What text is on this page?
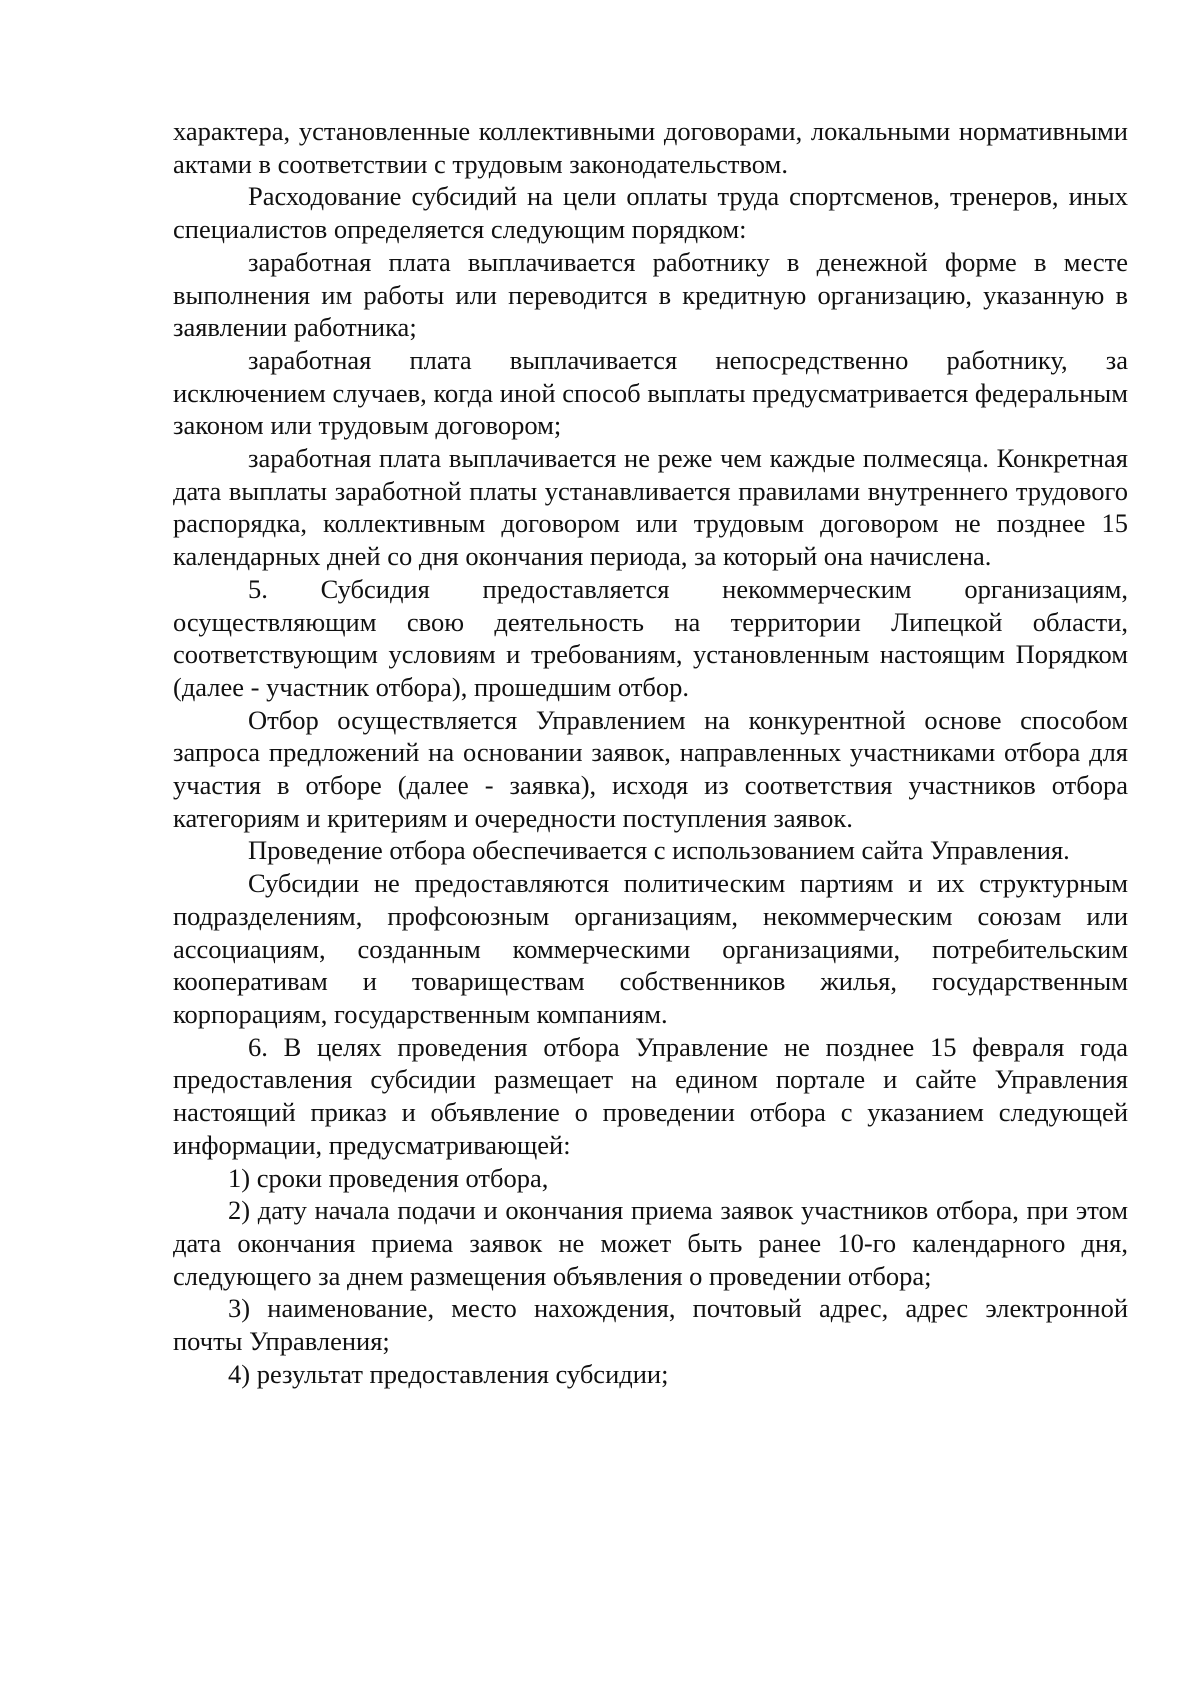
характера, установленные коллективными договорами, локальными нормативными актами в соответствии с трудовым законодательством.

Расходование субсидий на цели оплаты труда спортсменов, тренеров, иных специалистов определяется следующим порядком:

заработная плата выплачивается работнику в денежной форме в месте выполнения им работы или переводится в кредитную организацию, указанную в заявлении работника;

заработная плата выплачивается непосредственно работнику, за исключением случаев, когда иной способ выплаты предусматривается федеральным законом или трудовым договором;

заработная плата выплачивается не реже чем каждые полмесяца. Конкретная дата выплаты заработной платы устанавливается правилами внутреннего трудового распорядка, коллективным договором или трудовым договором не позднее 15 календарных дней со дня окончания периода, за который она начислена.

5. Субсидия предоставляется некоммерческим организациям, осуществляющим свою деятельность на территории Липецкой области, соответствующим условиям и требованиям, установленным настоящим Порядком (далее - участник отбора), прошедшим отбор.

Отбор осуществляется Управлением на конкурентной основе способом запроса предложений на основании заявок, направленных участниками отбора для участия в отборе (далее - заявка), исходя из соответствия участников отбора категориям и критериям и очередности поступления заявок.

Проведение отбора обеспечивается с использованием сайта Управления.

Субсидии не предоставляются политическим партиям и их структурным подразделениям, профсоюзным организациям, некоммерческим союзам или ассоциациям, созданным коммерческими организациями, потребительским кооперативам и товариществам собственников жилья, государственным корпорациям, государственным компаниям.

6. В целях проведения отбора Управление не позднее 15 февраля года предоставления субсидии размещает на едином портале и сайте Управления настоящий приказ и объявление о проведении отбора с указанием следующей информации, предусматривающей:

1) сроки проведения отбора,

2) дату начала подачи и окончания приема заявок участников отбора, при этом дата окончания приема заявок не может быть ранее 10-го календарного дня, следующего за днем размещения объявления о проведении отбора;

3) наименование, место нахождения, почтовый адрес, адрес электронной почты Управления;

4) результат предоставления субсидии;
